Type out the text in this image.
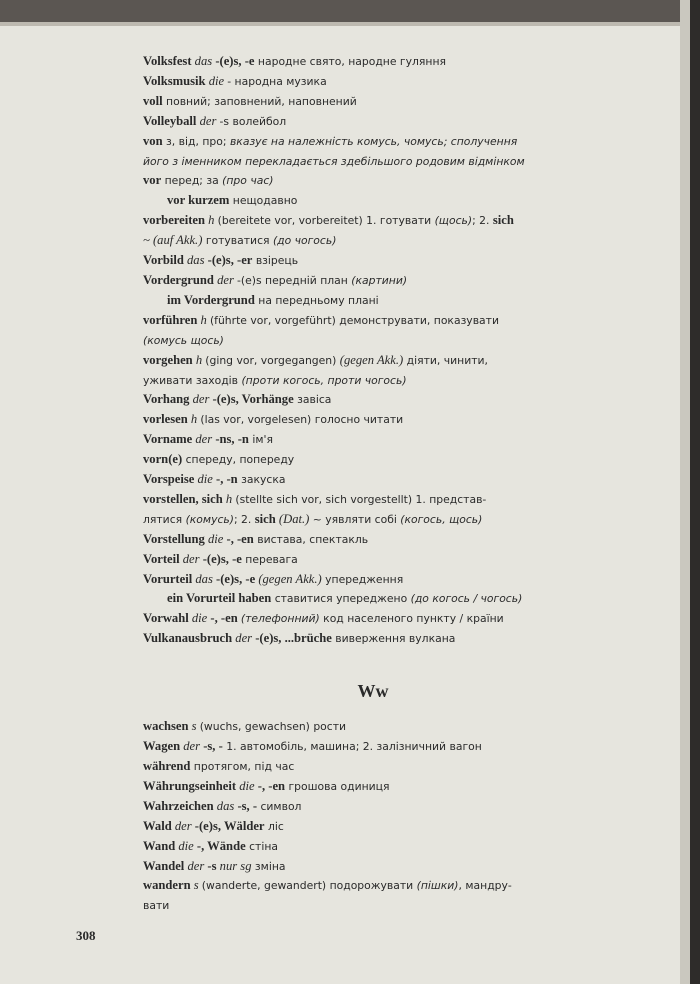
Volksfest das -(e)s, -e народне свято, народне гуляння
Volksmusik die - народна музика
voll повний; заповнений, наповнений
Volleyball der -s волейбол
von з, від, про; вказує на належність комусь, чомусь; сполучення
його з іменником перекладається здебільшого родовим відмінком
vor перед; за (про час)
vor kurzem нещодавно
vorbereiten h (bereitete vor, vorbereitet) 1. готувати (щось); 2. sich
~ (auf Akk.) готуватися (до чогось)
Vorbild das -(e)s, -er взірець
Vordergrund der -(e)s передній план (картини)
im Vordergrund на передньому плані
vorführen h (führte vor, vorgeführt) демонструвати, показувати
(комусь щось)
vorgehen h (ging vor, vorgegangen) (gegen Akk.) діяти, чинити,
уживати заходів (проти когось, проти чогось)
Vorhang der -(e)s, Vorhänge завіса
vorlesen h (las vor, vorgelesen) голосно читати
Vorname der -ns, -n ім'я
vorn(e) спереду, попереду
Vorspeise die -, -n закуска
vorstellen, sich h (stellte sich vor, sich vorgestellt) 1. представ-
лятися (комусь); 2. sich (Dat.) ~ уявляти собі (когось, щось)
Vorstellung die -, -en вистава, спектакль
Vorteil der -(e)s, -e перевага
Vorurteil das -(e)s, -e (gegen Akk.) упередження
ein Vorurteil haben ставитися упереджено (до когось / чогось)
Vorwahl die -, -en (телефонний) код населеного пункту / країни
Vulkanausbruch der -(e)s, ...brüche виверження вулкана
Ww
wachsen s (wuchs, gewachsen) рости
Wagen der -s, - 1. автомобіль, машина; 2. залізничний вагон
während протягом, під час
Währungseinheit die -, -en грошова одиниця
Wahrzeichen das -s, - символ
Wald der -(e)s, Wälder ліс
Wand die -, Wände стіна
Wandel der -s nur sg зміна
wandern s (wanderte, gewandert) подорожувати (пішки), мандру-
вати
308
